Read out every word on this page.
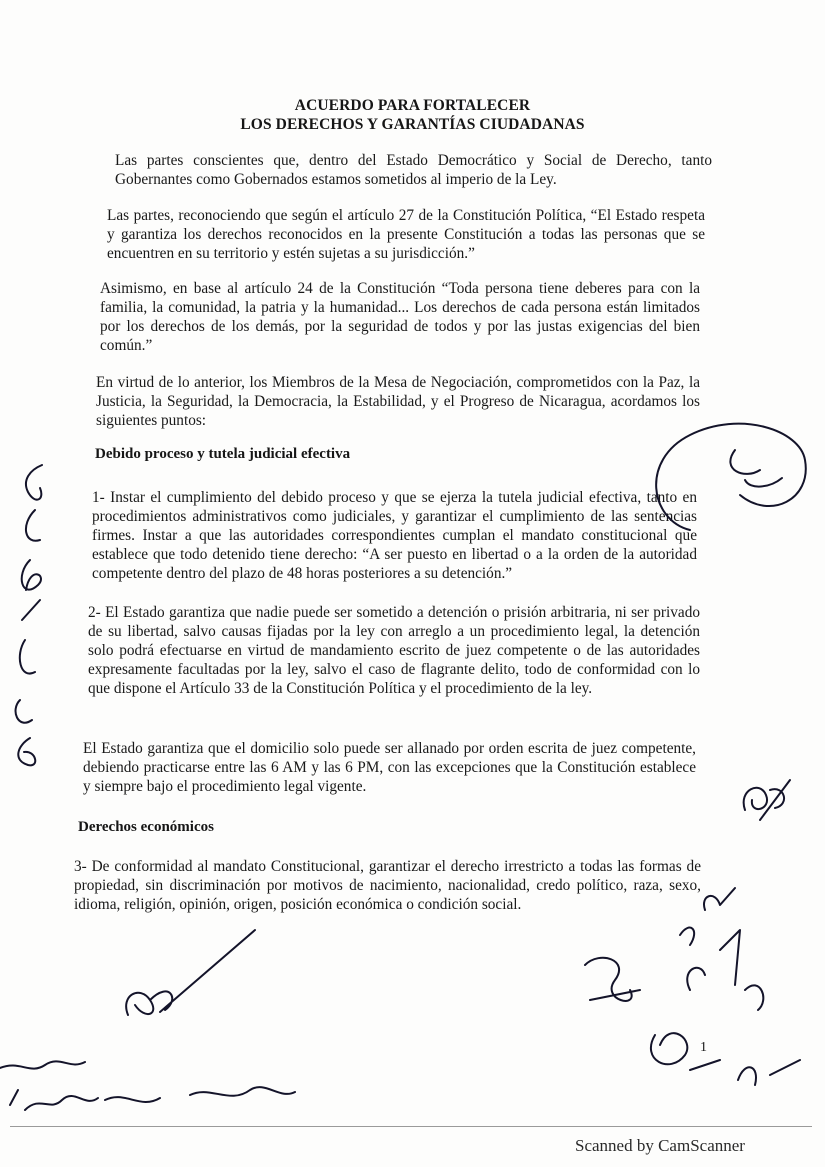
ACUERDO PARA FORTALECER
LOS DERECHOS Y GARANTÍAS CIUDADANAS
Las partes conscientes que, dentro del Estado Democrático y Social de Derecho, tanto Gobernantes como Gobernados estamos sometidos al imperio de la Ley.
Las partes, reconociendo que según el artículo 27 de la Constitución Política, “El Estado respeta y garantiza los derechos reconocidos en la presente Constitución a todas las personas que se encuentren en su territorio y estén sujetas a su jurisdicción.”
Asimismo, en base al artículo 24 de la Constitución “Toda persona tiene deberes para con la familia, la comunidad, la patria y la humanidad... Los derechos de cada persona están limitados por los derechos de los demás, por la seguridad de todos y por las justas exigencias del bien común.”
En virtud de lo anterior, los Miembros de la Mesa de Negociación, comprometidos con la Paz, la Justicia, la Seguridad, la Democracia, la Estabilidad, y el Progreso de Nicaragua, acordamos los siguientes puntos:
Debido proceso y tutela judicial efectiva
1- Instar el cumplimiento del debido proceso y que se ejerza la tutela judicial efectiva, tanto en procedimientos administrativos como judiciales, y garantizar el cumplimiento de las sentencias firmes. Instar a que las autoridades correspondientes cumplan el mandato constitucional que establece que todo detenido tiene derecho: “A ser puesto en libertad o a la orden de la autoridad competente dentro del plazo de 48 horas posteriores a su detención.”
2- El Estado garantiza que nadie puede ser sometido a detención o prisión arbitraria, ni ser privado de su libertad, salvo causas fijadas por la ley con arreglo a un procedimiento legal, la detención solo podrá efectuarse en virtud de mandamiento escrito de juez competente o de las autoridades expresamente facultadas por la ley, salvo el caso de flagrante delito, todo de conformidad con lo que dispone el Artículo 33 de la Constitución Política y el procedimiento de la ley.
El Estado garantiza que el domicilio solo puede ser allanado por orden escrita de juez competente, debiendo practicarse entre las 6 AM y las 6 PM, con las excepciones que la Constitución establece y siempre bajo el procedimiento legal vigente.
Derechos económicos
3- De conformidad al mandato Constitucional, garantizar el derecho irrestricto a todas las formas de propiedad, sin discriminación por motivos de nacimiento, nacionalidad, credo político, raza, sexo, idioma, religión, opinión, origen, posición económica o condición social.
1
Scanned by CamScanner
